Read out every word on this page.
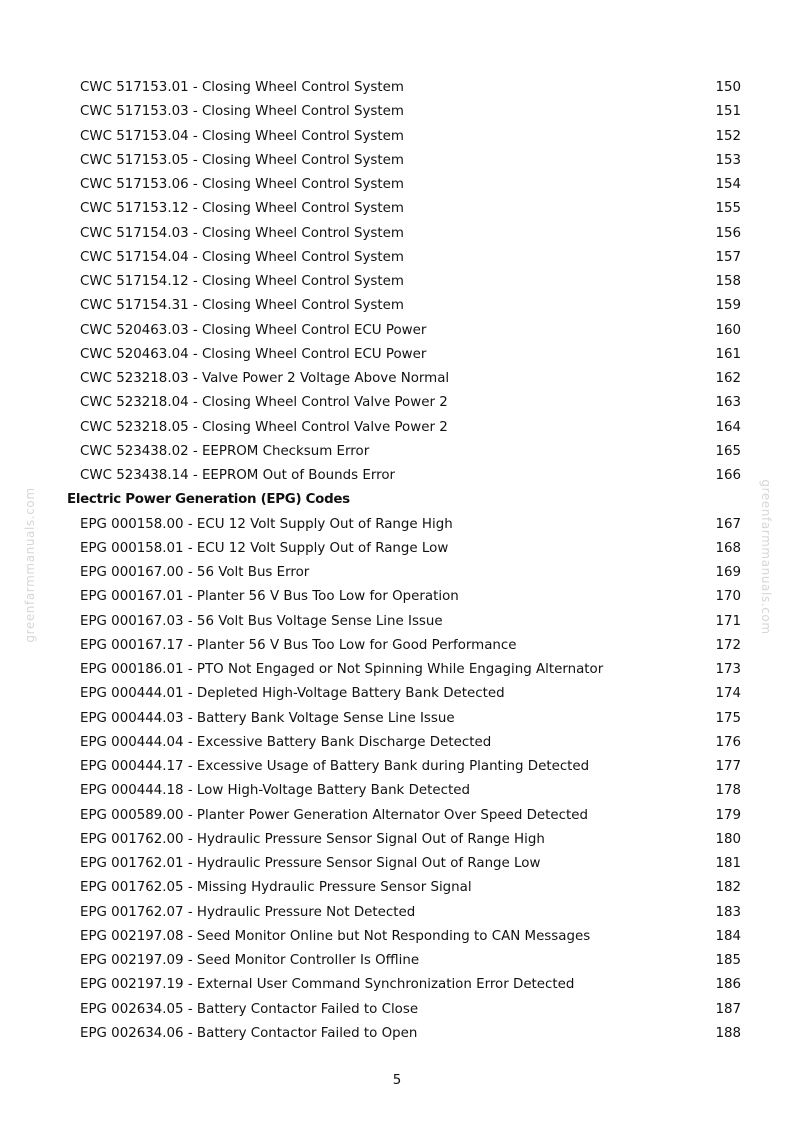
greenfarmmanuals.com	greenfarmmanuals.com
CWC 517153.01 - Closing Wheel Control System	150
CWC 517153.03 - Closing Wheel Control System	151
CWC 517153.04 - Closing Wheel Control System	152
CWC 517153.05 - Closing Wheel Control System	153
CWC 517153.06 - Closing Wheel Control System	154
CWC 517153.12 - Closing Wheel Control System	155
CWC 517154.03 - Closing Wheel Control System	156
CWC 517154.04 - Closing Wheel Control System	157
CWC 517154.12 - Closing Wheel Control System	158
CWC 517154.31 - Closing Wheel Control System	159
CWC 520463.03 - Closing Wheel Control ECU Power	160
CWC 520463.04 - Closing Wheel Control ECU Power	161
CWC 523218.03 - Valve Power 2 Voltage Above Normal	162
CWC 523218.04 - Closing Wheel Control Valve Power 2	163
CWC 523218.05 - Closing Wheel Control Valve Power 2	164
CWC 523438.02 - EEPROM Checksum Error	165
CWC 523438.14 - EEPROM Out of Bounds Error	166
Electric Power Generation (EPG) Codes
EPG 000158.00 - ECU 12 Volt Supply Out of Range High	167
EPG 000158.01 - ECU 12 Volt Supply Out of Range Low	168
EPG 000167.00 - 56 Volt Bus Error	169
EPG 000167.01 - Planter 56 V Bus Too Low for Operation	170
EPG 000167.03 - 56 Volt Bus Voltage Sense Line Issue	171
EPG 000167.17 - Planter 56 V Bus Too Low for Good Performance	172
EPG 000186.01 - PTO Not Engaged or Not Spinning While Engaging Alternator	173
EPG 000444.01 - Depleted High-Voltage Battery Bank Detected	174
EPG 000444.03 - Battery Bank Voltage Sense Line Issue	175
EPG 000444.04 - Excessive Battery Bank Discharge Detected	176
EPG 000444.17 - Excessive Usage of Battery Bank during Planting Detected	177
EPG 000444.18 - Low High-Voltage Battery Bank Detected	178
EPG 000589.00 - Planter Power Generation Alternator Over Speed Detected	179
EPG 001762.00 - Hydraulic Pressure Sensor Signal Out of Range High	180
EPG 001762.01 - Hydraulic Pressure Sensor Signal Out of Range Low	181
EPG 001762.05 - Missing Hydraulic Pressure Sensor Signal	182
EPG 001762.07 - Hydraulic Pressure Not Detected	183
EPG 002197.08 - Seed Monitor Online but Not Responding to CAN Messages	184
EPG 002197.09 - Seed Monitor Controller Is Offline	185
EPG 002197.19 - External User Command Synchronization Error Detected	186
EPG 002634.05 - Battery Contactor Failed to Close	187
EPG 002634.06 - Battery Contactor Failed to Open	188
5
